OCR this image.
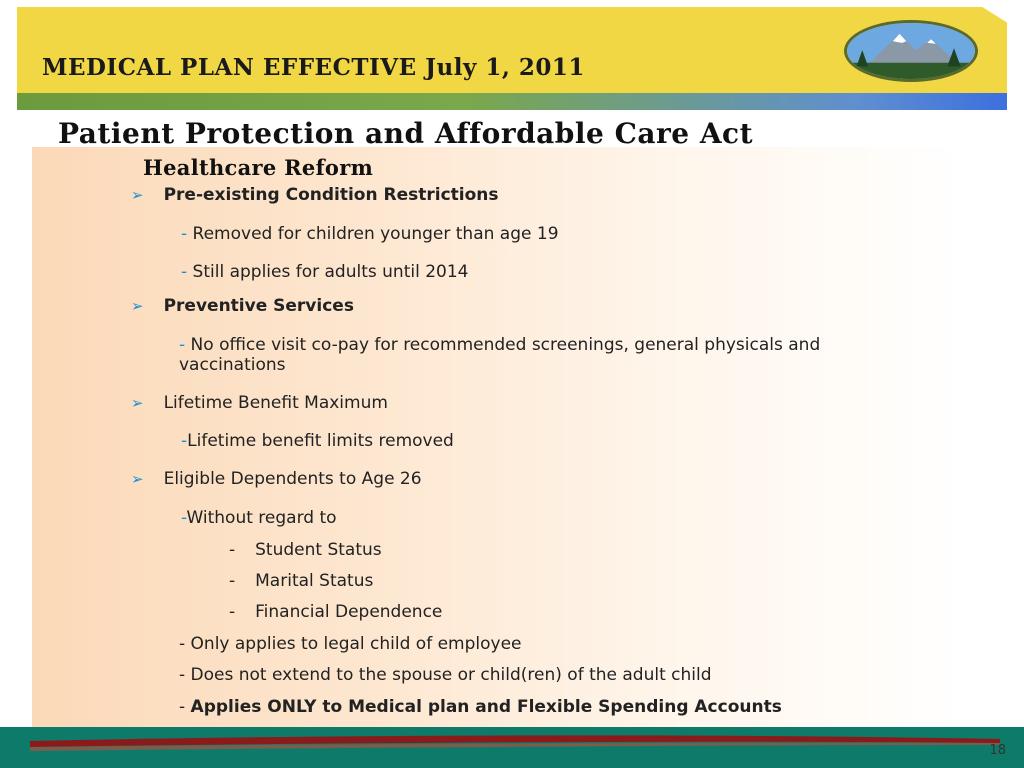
MEDICAL PLAN EFFECTIVE July 1, 2011
Patient Protection and Affordable Care Act
Healthcare Reform
➢ Pre-existing Condition Restrictions
- Removed for children younger than age 19
- Still applies for adults until 2014
➢ Preventive Services
- No office visit co-pay for recommended screenings, general physicals and
vaccinations
➢ Lifetime Benefit Maximum
-Lifetime benefit limits removed
➢ Eligible Dependents to Age 26
-Without regard to
- Student Status
- Marital Status
- Financial Dependence
- Only applies to legal child of employee
- Does not extend to the spouse or child(ren) of the adult child
- Applies ONLY to Medical plan and Flexible Spending Accounts
18
